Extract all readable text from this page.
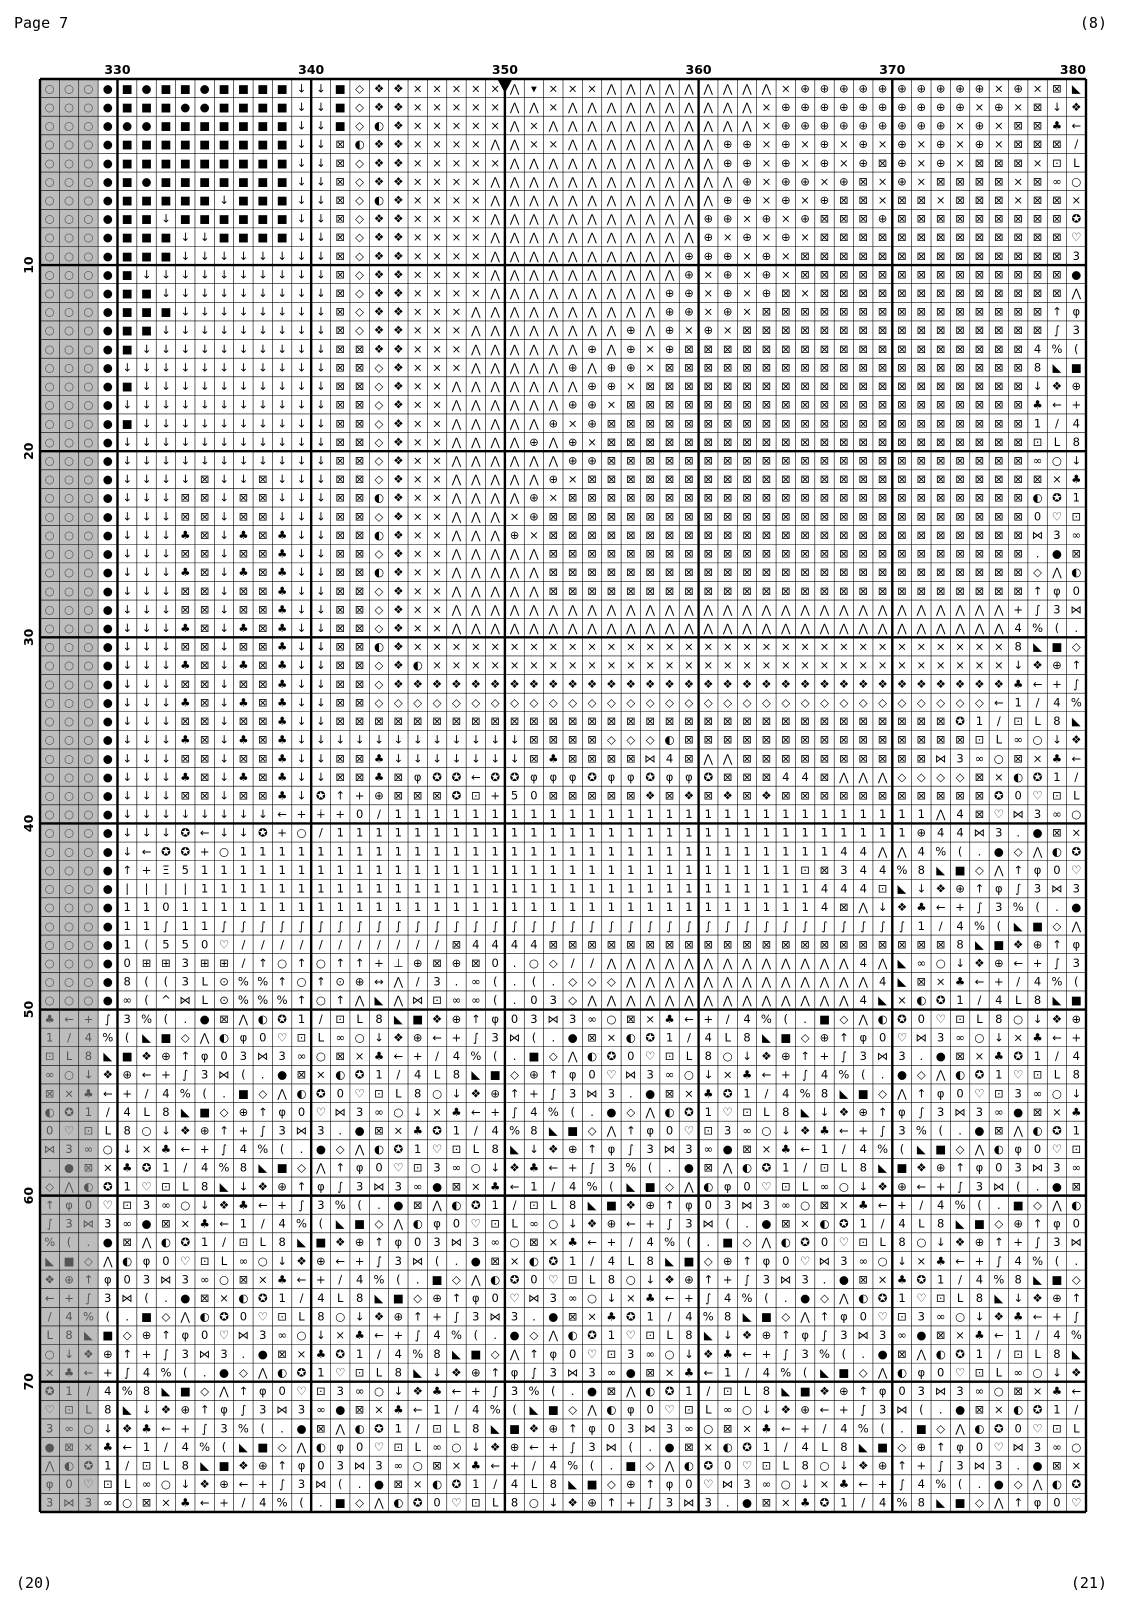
Page 7	(8)
(20)	(21)
○ ○ ○ ● ■ ● ■ ■ ● ■ ■ ■ ■ ↓ ↓ ■ ◇ ❖ ❖ × × × × × ⋀ ▾ × × × ⋀ ⋀ ⋀ ⋀ ⋀ ⋀ ⋀ ⋀ ⋀ × ⊕ ⊕ ⊕ ⊕ ⊕ ⊕ ⊕ ⊕ ⊕ ⊕ × ⊕ × ⊠ ◣
○ ○ ○ ● ■ ■ ■ ● ● ■ ■ ■ ■ ↓ ↓ ■ ◇ ❖ ❖ × × × × × ⋀ ⋀ × ⋀ ⋀ ⋀ ⋀ ⋀ ⋀ ⋀ ⋀ ⋀ ⋀ × ⊕ ⊕ ⊕ ⊕ ⊕ ⊕ ⊕ ⊕ ⊕ ⊕ × ⊕ × ⊠ ↓ ❖
○ ○ ○ ● ● ● ■ ■ ■ ■ ■ ■ ■ ↓ ↓ ■ ◇ ◐ ❖ × × × × × ⋀ × ⋀ ⋀ ⋀ ⋀ ⋀ ⋀ ⋀ ⋀ ⋀ ⋀ ⋀ × ⊕ ⊕ ⊕ ⊕ ⊕ ⊕ ⊕ ⊕ ⊕ × ⊕ × ⊠ ⊠ ♣ ←
○ ○ ○ ● ■ ■ ■ ■ ■ ■ ■ ■ ■ ↓ ↓ ⊠ ◐ ❖ ❖ × × × × ⋀ ⋀ × × ⋀ ⋀ ⋀ ⋀ ⋀ ⋀ ⋀ ⋀ ⊕ ⊕ × ⊕ × ⊕ × ⊕ × ⊕ × ⊕ × ⊕ × ⊠ ⊠ ⊠ /
○ ○ ○ ● ■ ■ ■ ■ ■ ■ ■ ■ ■ ↓ ↓ ⊠ ◇ ❖ ❖ × × × × × ⋀ ⋀ ⋀ ⋀ ⋀ ⋀ ⋀ ⋀ ⋀ ⋀ ⋀ ⊕ ⊕ × ⊕ × ⊕ × ⊕ ⊠ ⊕ × ⊕ × ⊠ ⊠ ⊠ × ⊡ L
○ ○ ○ ● ■ ● ■ ■ ■ ■ ■ ■ ■ ↓ ↓ ⊠ ◇ ❖ ❖ × × × × ⋀ ⋀ ⋀ ⋀ ⋀ ⋀ ⋀ ⋀ ⋀ ⋀ ⋀ ⋀ ⋀ ⊕ × ⊕ ⊕ × ⊕ ⊠ × ⊕ × ⊠ ⊠ ⊠ ⊠ × ⊠ ∞ ○
○ ○ ○ ● ■ ■ ■ ■ ■ ↓ ■ ■ ■ ↓ ↓ ⊠ ◇ ◐ ❖ × × × × ⋀ ⋀ ⋀ ⋀ ⋀ ⋀ ⋀ ⋀ ⋀ ⋀ ⋀ ⋀ ⊕ ⊕ × ⊕ × ⊕ ⊠ ⊠ × ⊠ ⊠ × ⊠ ⊠ ⊠ × ⊠ ⊠ ×
○ ○ ○ ● ■ ■ ↓ ■ ■ ■ ■ ■ ■ ↓ ↓ ⊠ ◇ ❖ ❖ × × × × ⋀ ⋀ ⋀ ⋀ ⋀ ⋀ ⋀ ⋀ ⋀ ⋀ ⋀ ⊕ ⊕ × ⊕ × ⊕ ⊠ ⊠ ⊠ ⊕ ⊠ ⊠ ⊠ ⊠ ⊠ ⊠ ⊠ ⊠ ⊠ ✪
○ ○ ○ ● ■ ■ ■ ↓ ↓ ■ ■ ■ ■ ↓ ↓ ⊠ ◇ ❖ ❖ × × × × ⋀ ⋀ ⋀ ⋀ ⋀ ⋀ ⋀ ⋀ ⋀ ⋀ ⋀ ⊕ × ⊕ × ⊕ × ⊠ ⊠ ⊠ ⊠ ⊠ ⊠ ⊠ ⊠ ⊠ ⊠ ⊠ ⊠ ⊠ ♡
○ ○ ○ ● ■ ■ ■ ↓ ↓ ↓ ↓ ↓ ↓ ↓ ↓ ⊠ ◇ ❖ ❖ × × × × ⋀ ⋀ ⋀ ⋀ ⋀ ⋀ ⋀ ⋀ ⋀ ⋀ ⊕ ⊕ ⊕ × ⊕ × ⊠ ⊠ ⊠ ⊠ ⊠ ⊠ ⊠ ⊠ ⊠ ⊠ ⊠ ⊠ ⊠ ⊠ 3
○ ○ ○ ● ■ ↓ ↓ ↓ ↓ ↓ ↓ ↓ ↓ ↓ ↓ ⊠ ◇ ❖ ❖ × × × × ⋀ ⋀ ⋀ ⋀ ⋀ ⋀ ⋀ ⋀ ⋀ ⋀ ⊕ × ⊕ × ⊕ × ⊠ ⊠ ⊠ ⊠ ⊠ ⊠ ⊠ ⊠ ⊠ ⊠ ⊠ ⊠ ⊠ ⊠ ●
○ ○ ○ ● ■ ■ ↓ ↓ ↓ ↓ ↓ ↓ ↓ ↓ ↓ ⊠ ◇ ❖ ❖ × × × × ⋀ ⋀ ⋀ ⋀ ⋀ ⋀ ⋀ ⋀ ⋀ ⊕ ⊕ × ⊕ × ⊕ ⊠ × ⊠ ⊠ ⊠ ⊠ ⊠ ⊠ ⊠ ⊠ ⊠ ⊠ ⊠ ⊠ ⊠ ⋀
○ ○ ○ ● ■ ■ ■ ↓ ↓ ↓ ↓ ↓ ↓ ↓ ↓ ⊠ ◇ ❖ ❖ × × × ⋀ ⋀ ⋀ ⋀ ⋀ ⋀ ⋀ ⋀ ⋀ ⋀ ⊕ ⊕ × ⊕ × ⊠ ⊠ ⊠ ⊠ ⊠ ⊠ ⊠ ⊠ ⊠ ⊠ ⊠ ⊠ ⊠ ⊠ ⊠ ↑ φ
○ ○ ○ ● ■ ■ ↓ ↓ ↓ ↓ ↓ ↓ ↓ ↓ ↓ ⊠ ◇ ❖ ❖ × × × ⋀ ⋀ ⋀ ⋀ ⋀ ⋀ ⋀ ⋀ ⊕ ⋀ ⊕ × ⊕ × ⊠ ⊠ ⊠ ⊠ ⊠ ⊠ ⊠ ⊠ ⊠ ⊠ ⊠ ⊠ ⊠ ⊠ ⊠ ⊠ ∫ 3
○ ○ ○ ● ■ ↓ ↓ ↓ ↓ ↓ ↓ ↓ ↓ ↓ ↓ ⊠ ⊠ ❖ ❖ × × × ⋀ ⋀ ⋀ ⋀ ⋀ ⋀ ⊕ ⋀ ⊕ × ⊕ ⊠ ⊠ ⊠ ⊠ ⊠ ⊠ ⊠ ⊠ ⊠ ⊠ ⊠ ⊠ ⊠ ⊠ ⊠ ⊠ ⊠ ⊠ 4 % (
○ ○ ○ ● ↓ ↓ ↓ ↓ ↓ ↓ ↓ ↓ ↓ ↓ ↓ ⊠ ⊠ ◇ ❖ × × × ⋀ ⋀ ⋀ ⋀ ⋀ ⊕ ⋀ ⊕ ⊕ × ⊠ ⊠ ⊠ ⊠ ⊠ ⊠ ⊠ ⊠ ⊠ ⊠ ⊠ ⊠ ⊠ ⊠ ⊠ ⊠ ⊠ ⊠ ⊠ 8 ◣ ■
○ ○ ○ ● ■ ↓ ↓ ↓ ↓ ↓ ↓ ↓ ↓ ↓ ↓ ⊠ ⊠ ◇ ❖ × × ⋀ ⋀ ⋀ ⋀ ⋀ ⋀ ⋀ ⊕ ⊕ × ⊠ ⊠ ⊠ ⊠ ⊠ ⊠ ⊠ ⊠ ⊠ ⊠ ⊠ ⊠ ⊠ ⊠ ⊠ ⊠ ⊠ ⊠ ⊠ ⊠ ↓ ❖ ⊕
○ ○ ○ ● ↓ ↓ ↓ ↓ ↓ ↓ ↓ ↓ ↓ ↓ ↓ ⊠ ⊠ ◇ ❖ × × ⋀ ⋀ ⋀ ⋀ ⋀ ⋀ ⊕ ⊕ × ⊠ ⊠ ⊠ ⊠ ⊠ ⊠ ⊠ ⊠ ⊠ ⊠ ⊠ ⊠ ⊠ ⊠ ⊠ ⊠ ⊠ ⊠ ⊠ ⊠ ⊠ ♣ ← +
○ ○ ○ ● ■ ↓ ↓ ↓ ↓ ↓ ↓ ↓ ↓ ↓ ↓ ⊠ ⊠ ◇ ❖ × × ⋀ ⋀ ⋀ ⋀ ⋀ ⊕ × ⊕ ⊠ ⊠ ⊠ ⊠ ⊠ ⊠ ⊠ ⊠ ⊠ ⊠ ⊠ ⊠ ⊠ ⊠ ⊠ ⊠ ⊠ ⊠ ⊠ ⊠ ⊠ ⊠ 1 / 4
○ ○ ○ ● ↓ ↓ ↓ ↓ ↓ ↓ ↓ ↓ ↓ ↓ ↓ ⊠ ⊠ ◇ ❖ × × ⋀ ⋀ ⋀ ⋀ ⊕ ⋀ ⊕ × ⊠ ⊠ ⊠ ⊠ ⊠ ⊠ ⊠ ⊠ ⊠ ⊠ ⊠ ⊠ ⊠ ⊠ ⊠ ⊠ ⊠ ⊠ ⊠ ⊠ ⊠ ⊠ ⊡ L 8
○ ○ ○ ● ↓ ↓ ↓ ↓ ↓ ↓ ↓ ↓ ↓ ↓ ↓ ⊠ ⊠ ◇ ❖ × × ⋀ ⋀ ⋀ ⋀ ⋀ ⋀ ⊕ ⊕ ⊠ ⊠ ⊠ ⊠ ⊠ ⊠ ⊠ ⊠ ⊠ ⊠ ⊠ ⊠ ⊠ ⊠ ⊠ ⊠ ⊠ ⊠ ⊠ ⊠ ⊠ ⊠ ∞ ○ ↓
○ ○ ○ ● ↓ ↓ ↓ ↓ ⊠ ↓ ↓ ⊠ ↓ ↓ ↓ ⊠ ⊠ ◇ ❖ × × ⋀ ⋀ ⋀ ⋀ ⋀ ⊕ × ⊠ ⊠ ⊠ ⊠ ⊠ ⊠ ⊠ ⊠ ⊠ ⊠ ⊠ ⊠ ⊠ ⊠ ⊠ ⊠ ⊠ ⊠ ⊠ ⊠ ⊠ ⊠ ⊠ ⊠ × ♣
○ ○ ○ ● ↓ ↓ ↓ ⊠ ⊠ ↓ ⊠ ⊠ ↓ ↓ ↓ ⊠ ⊠ ◐ ❖ × × ⋀ ⋀ ⋀ ⋀ ⊕ × ⊠ ⊠ ⊠ ⊠ ⊠ ⊠ ⊠ ⊠ ⊠ ⊠ ⊠ ⊠ ⊠ ⊠ ⊠ ⊠ ⊠ ⊠ ⊠ ⊠ ⊠ ⊠ ⊠ ⊠ ◐ ✪ 1
○ ○ ○ ● ↓ ↓ ↓ ⊠ ⊠ ↓ ⊠ ⊠ ↓ ↓ ↓ ⊠ ⊠ ◇ ❖ × × ⋀ ⋀ ⋀ × ⊕ ⊠ ⊠ ⊠ ⊠ ⊠ ⊠ ⊠ ⊠ ⊠ ⊠ ⊠ ⊠ ⊠ ⊠ ⊠ ⊠ ⊠ ⊠ ⊠ ⊠ ⊠ ⊠ ⊠ ⊠ ⊠ 0 ♡ ⊡
○ ○ ○ ● ↓ ↓ ↓ ♣ ⊠ ↓ ♣ ⊠ ♣ ↓ ↓ ⊠ ⊠ ◐ ❖ × × ⋀ ⋀ ⋀ ⊕ × ⊠ ⊠ ⊠ ⊠ ⊠ ⊠ ⊠ ⊠ ⊠ ⊠ ⊠ ⊠ ⊠ ⊠ ⊠ ⊠ ⊠ ⊠ ⊠ ⊠ ⊠ ⊠ ⊠ ⊠ ⊠ ⋈ 3 ∞
○ ○ ○ ● ↓ ↓ ↓ ⊠ ⊠ ↓ ⊠ ⊠ ♣ ↓ ↓ ⊠ ⊠ ◇ ❖ × × ⋀ ⋀ ⋀ ⋀ ⋀ ⊠ ⊠ ⊠ ⊠ ⊠ ⊠ ⊠ ⊠ ⊠ ⊠ ⊠ ⊠ ⊠ ⊠ ⊠ ⊠ ⊠ ⊠ ⊠ ⊠ ⊠ ⊠ ⊠ ⊠ ⊠ . ● ⊠
○ ○ ○ ● ↓ ↓ ↓ ♣ ⊠ ↓ ♣ ⊠ ♣ ↓ ↓ ⊠ ⊠ ◐ ❖ × × ⋀ ⋀ ⋀ ⋀ ⋀ ⊠ ⊠ ⊠ ⊠ ⊠ ⊠ ⊠ ⊠ ⊠ ⊠ ⊠ ⊠ ⊠ ⊠ ⊠ ⊠ ⊠ ⊠ ⊠ ⊠ ⊠ ⊠ ⊠ ⊠ ⊠ ◇ ⋀ ◐
○ ○ ○ ● ↓ ↓ ↓ ⊠ ⊠ ↓ ⊠ ⊠ ♣ ↓ ↓ ⊠ ⊠ ◇ ❖ × × ⋀ ⋀ ⋀ ⋀ ⋀ ⊠ ⊠ ⊠ ⊠ ⊠ ⊠ ⊠ ⊠ ⊠ ⊠ ⊠ ⊠ ⊠ ⊠ ⊠ ⊠ ⊠ ⊠ ⊠ ⊠ ⊠ ⊠ ⊠ ⊠ ⊠ ↑ φ 0
○ ○ ○ ● ↓ ↓ ↓ ⊠ ⊠ ↓ ⊠ ⊠ ♣ ↓ ↓ ⊠ ⊠ ◇ ❖ × × ⋀ ⋀ ⋀ ⋀ ⋀ ⋀ ⋀ ⋀ ⋀ ⋀ ⋀ ⋀ ⋀ ⋀ ⋀ ⋀ ⋀ ⋀ ⋀ ⋀ ⋀ ⋀ ⋀ ⋀ ⋀ ⋀ ⋀ ⋀ ⋀ + ∫ 3 ⋈
○ ○ ○ ● ↓ ↓ ↓ ♣ ⊠ ↓ ♣ ⊠ ♣ ↓ ↓ ⊠ ⊠ ◇ ❖ × × ⋀ ⋀ ⋀ ⋀ ⋀ ⋀ ⋀ ⋀ ⋀ ⋀ ⋀ ⋀ ⋀ ⋀ ⋀ ⋀ ⋀ ⋀ ⋀ ⋀ ⋀ ⋀ ⋀ ⋀ ⋀ ⋀ ⋀ ⋀ ⋀ 4 % ( .
○ ○ ○ ● ↓ ↓ ↓ ⊠ ⊠ ↓ ⊠ ⊠ ♣ ↓ ↓ ⊠ ⊠ ◐ ❖ × × × × × × × × × × × × × × × × × × × × × × × × × × × × × × × 8 ◣ ■ ◇
○ ○ ○ ● ↓ ↓ ↓ ♣ ⊠ ↓ ♣ ⊠ ♣ ↓ ↓ ⊠ ⊠ ◇ ❖ ◐ × × × × × × × × × × × × × × × × × × × × × × × × × × × × × × ↓ ❖ ⊕ ↑
○ ○ ○ ● ↓ ↓ ↓ ⊠ ⊠ ↓ ⊠ ⊠ ♣ ↓ ↓ ⊠ ⊠ ◇ ❖ ❖ ❖ ❖ ❖ ❖ ❖ ❖ ❖ ❖ ❖ ❖ ❖ ❖ ❖ ❖ ❖ ❖ ❖ ❖ ❖ ❖ ❖ ❖ ❖ ❖ ❖ ❖ ❖ ❖ ❖ ❖ ♣ ← + ∫
○ ○ ○ ● ↓ ↓ ↓ ♣ ⊠ ↓ ♣ ⊠ ♣ ↓ ↓ ⊠ ⊠ ◇ ◇ ◇ ◇ ◇ ◇ ◇ ◇ ◇ ◇ ◇ ◇ ◇ ◇ ◇ ◇ ◇ ◇ ◇ ◇ ◇ ◇ ◇ ◇ ◇ ◇ ◇ ◇ ◇ ◇ ◇ ◇ ← 1 / 4 %
○ ○ ○ ● ↓ ↓ ↓ ⊠ ⊠ ↓ ⊠ ⊠ ♣ ↓ ↓ ⊠ ⊠ ⊠ ⊠ ⊠ ⊠ ⊠ ⊠ ⊠ ⊠ ⊠ ⊠ ⊠ ⊠ ⊠ ⊠ ⊠ ⊠ ⊠ ⊠ ⊠ ⊠ ⊠ ⊠ ⊠ ⊠ ⊠ ⊠ ⊠ ⊠ ⊠ ⊠ ✪ 1 / ⊡ L 8 ◣
○ ○ ○ ● ↓ ↓ ↓ ♣ ⊠ ↓ ♣ ⊠ ♣ ↓ ↓ ↓ ↓ ↓ ↓ ↓ ↓ ↓ ↓ ↓ ↓ ⊠ ⊠ ⊠ ⊠ ◇ ◇ ◇ ◐ ⊠ ⊠ ⊠ ⊠ ⊠ ⊠ ⊠ ⊠ ⊠ ⊠ ⊠ ⊠ ⊠ ⊠ ⊠ ⊡ L ∞ ○ ↓ ❖
○ ○ ○ ● ↓ ↓ ↓ ⊠ ⊠ ↓ ⊠ ⊠ ♣ ↓ ↓ ⊠ ⊠ ♣ ↓ ↓ ↓ ↓ ↓ ↓ ↓ ⊠ ♣ ⊠ ⊠ ⊠ ⊠ ⋈ 4 ⊠ ⋀ ⋀ ⊠ ⊠ ⊠ ⊠ ⊠ ⊠ ⊠ ⊠ ⊠ ⊠ ⋈ 3 ∞ ○ ⊠ × ♣ ←
○ ○ ○ ● ↓ ↓ ↓ ♣ ⊠ ↓ ♣ ⊠ ♣ ↓ ↓ ⊠ ⊠ ♣ ⊠ φ ✪ ✪ ← ✪ ✪ φ φ φ ✪ φ φ ✪ φ φ ✪ ⊠ ⊠ ⊠ 4 4 ⊠ ⋀ ⋀ ⋀ ◇ ◇ ◇ ◇ ⊠ × ◐ ✪ 1 /
○ ○ ○ ● ↓ ↓ ↓ ⊠ ⊠ ↓ ⊠ ⊠ ♣ ↓ ✪ ↑ + ⊕ ⊠ ⊠ ⊠ ✪ ⊡ + 5 0 ⊠ ⊠ ⊠ ⊠ ⊠ ❖ ⊠ ❖ ⊠ ❖ ⊠ ❖ ⊠ ⊠ ⊠ ⊠ ⊠ ⊠ ⊠ ⊠ ⊠ ⊠ ⊠ ✪ 0 ♡ ⊡ L
○ ○ ○ ● ↓ ↓ ↓ ↓ ↓ ↓ ↓ ↓ ← + ∔ + 0 / 1 1 1 1 1 1 1 1 1 1 1 1 1 1 1 1 1 1 1 1 1 1 1 1 1 1 1 1 ⋀ 4 ⊠ ♡ ⋈ 3 ∞ ○
○ ○ ○ ● ↓ ↓ ↓ ✪ ← ↓ ↓ ✪ + ○ / 1 1 1 1 1 1 1 1 1 1 1 1 1 1 1 1 1 1 1 1 1 1 1 1 1 1 1 1 1 1 ⊕ 4 4 ⋈ 3 . ● ⊠ ×
○ ○ ○ ● ↓ ← ✪ ✪ + ○ 1 1 1 1 1 1 1 1 1 1 1 1 1 1 1 1 1 1 1 1 1 1 1 1 1 1 1 1 1 1 1 4 4 ⋀ ⋀ 4 % ( . ● ◇ ⋀ ◐ ✪
○ ○ ○ ● ↑ + Ξ 5 1 1 1 1 1 1 1 1 1 1 1 1 1 1 1 1 1 1 1 1 1 1 1 1 1 1 1 1 1 1 1 ⊡ ⊠ 3 4 4 % 8 ◣ ■ ◇ ⋀ ↑ φ 0 ♡
○ ○ ○ ● | | | | 1 1 1 1 1 1 1 1 1 1 1 1 1 1 1 1 1 1 1 1 1 1 1 1 1 1 1 1 1 1 1 1 4 4 4 ⊡ ◣ ↓ ❖ ⊕ ↑ φ ∫ 3 ⋈ 3
○ ○ ○ ● 1 1 0 1 1 1 1 1 1 1 1 1 1 1 1 1 1 1 1 1 1 1 1 1 1 1 1 1 1 1 1 1 1 1 1 1 4 ⊠ ⋀ ↓ ❖ ♣ ← + ∫ 3 % ( . ●
○ ○ ○ ● 1 1 ∫ 1 1 ∫ ∫ ∫ ∫ ∫ ∫ ∫ ∫ ∫ ∫ ∫ ∫ ∫ ∫ ∫ ∫ ∫ ∫ ∫ ∫ ∫ ∫ ∫ ∫ ∫ ∫ ∫ ∫ ∫ ∫ ∫ ∫ ∫ ∫ ∫ ∫ 1 / 4 % ( ◣ ■ ◇ ⋀
○ ○ ○ ● 1 ( 5 5 0 ♡ / / / / / / / / / / / ⊠ 4 4 4 4 ⊠ ⊠ ⊠ ⊠ ⊠ ⊠ ⊠ ⊠ ⊠ ⊠ ⊠ ⊠ ⊠ ⊠ ⊠ ⊠ ⊠ ⊠ ⊠ ⊠ ⊠ 8 ◣ ■ ❖ ⊕ ↑ φ
○ ○ ○ ● 0 ⊞ ⊞ 3 ⊞ ⊞ / ↑ ○ ↑ ○ ↑ ↑ + ⊥ ⊕ ⊠ ⊕ ⊠ 0 . ○ ◇ / / ⋀ ⋀ ⋀ ⋀ ⋀ ⋀ ⋀ ⋀ ⋀ ⋀ ⋀ ⋀ ⋀ 4 ⋀ ◣ ∞ ○ ↓ ❖ ⊕ ← + ∫ 3
○ ○ ○ ● 8 ( ( 3 L ⊙ % % ↑ ○ ↑ ⊙ ⊕ ↔ ⋀ / 3 . ∞ ( . ( . ◇ ◇ ◇ ⋀ ⋀ ⋀ ⋀ ⋀ ⋀ ⋀ ⋀ ⋀ ⋀ ⋀ ⋀ ⋀ 4 ◣ ⊠ × ♣ ← + / 4 % (
○ ○ ○ ● ∞ ( ^ ⋈ L ⊙ % % % ↑ ○ ↑ ⋀ ◣ ⋀ ⋈ ⊡ ∞ ∞ ( . 0 3 ◇ ⋀ ⋀ ⋀ ⋀ ⋀ ⋀ ⋀ ⋀ ⋀ ⋀ ⋀ ⋀ ⋀ ⋀ 4 ◣ × ◐ ✪ 1 / 4 L 8 ◣ ■
♣ ← + ∫ 3 % ( . ● ⊠ ⋀ ◐ ✪ 1 / ⊡ L 8 ◣ ■ ❖ ⊕ ↑ φ 0 3 ⋈ 3 ∞ ○ ⊠ × ♣ ← + / 4 % ( . ■ ◇ ⋀ ◐ ✪ 0 ♡ ⊡ L 8 ○ ↓ ❖ ⊕
1 / 4 % ( ◣ ■ ◇ ⋀ ◐ φ 0 ♡ ⊡ L ∞ ○ ↓ ❖ ⊕ ← + ∫ 3 ⋈ ( . ● ⊠ × ◐ ✪ 1 / 4 L 8 ◣ ■ ◇ ⊕ ↑ φ 0 ♡ ⋈ 3 ∞ ○ ↓ × ♣ ← +
⊡ L 8 ◣ ■ ❖ ⊕ ↑ φ 0 3 ⋈ 3 ∞ ○ ⊠ × ♣ ← + / 4 % ( . ■ ◇ ⋀ ◐ ✪ 0 ♡ ⊡ L 8 ○ ↓ ❖ ⊕ ↑ + ∫ 3 ⋈ 3 . ● ⊠ × ♣ ✪ 1 / 4
∞ ○ ↓ ❖ ⊕ ← + ∫ 3 ⋈ ( . ● ⊠ × ◐ ✪ 1 / 4 L 8 ◣ ■ ◇ ⊕ ↑ φ 0 ♡ ⋈ 3 ∞ ○ ↓ × ♣ ← + ∫ 4 % ( . ● ◇ ⋀ ◐ ✪ 1 ♡ ⊡ L 8
⊠ × ♣ ← + / 4 % ( . ■ ◇ ⋀ ◐ ✪ 0 ♡ ⊡ L 8 ○ ↓ ❖ ⊕ ↑ + ∫ 3 ⋈ 3 . ● ⊠ × ♣ ✪ 1 / 4 % 8 ◣ ■ ◇ ⋀ ↑ φ 0 ♡ ⊡ 3 ∞ ○ ↓
◐ ✪ 1 / 4 L 8 ◣ ■ ◇ ⊕ ↑ φ 0 ♡ ⋈ 3 ∞ ○ ↓ × ♣ ← + ∫ 4 % ( . ● ◇ ⋀ ◐ ✪ 1 ♡ ⊡ L 8 ◣ ↓ ❖ ⊕ ↑ φ ∫ 3 ⋈ 3 ∞ ● ⊠ × ♣
0 ♡ ⊡ L 8 ○ ↓ ❖ ⊕ ↑ + ∫ 3 ⋈ 3 . ● ⊠ × ♣ ✪ 1 / 4 % 8 ◣ ■ ◇ ⋀ ↑ φ 0 ♡ ⊡ 3 ∞ ○ ↓ ❖ ♣ ← + ∫ 3 % ( . ● ⊠ ⋀ ◐ ✪ 1
⋈ 3 ∞ ○ ↓ × ♣ ← + ∫ 4 % ( . ● ◇ ⋀ ◐ ✪ 1 ♡ ⊡ L 8 ◣ ↓ ❖ ⊕ ↑ φ ∫ 3 ⋈ 3 ∞ ● ⊠ × ♣ ← 1 / 4 % ( ◣ ■ ◇ ⋀ ◐ φ 0 ♡ ⊡
. ● ⊠ × ♣ ✪ 1 / 4 % 8 ◣ ■ ◇ ⋀ ↑ φ 0 ♡ ⊡ 3 ∞ ○ ↓ ❖ ♣ ← + ∫ 3 % ( . ● ⊠ ⋀ ◐ ✪ 1 / ⊡ L 8 ◣ ■ ❖ ⊕ ↑ φ 0 3 ⋈ 3 ∞
◇ ⋀ ◐ ✪ 1 ♡ ⊡ L 8 ◣ ↓ ❖ ⊕ ↑ φ ∫ 3 ⋈ 3 ∞ ● ⊠ × ♣ ← 1 / 4 % ( ◣ ■ ◇ ⋀ ◐ φ 0 ♡ ⊡ L ∞ ○ ↓ ❖ ⊕ ← + ∫ 3 ⋈ ( . ● ⊠
↑ φ 0 ♡ ⊡ 3 ∞ ○ ↓ ❖ ♣ ← + ∫ 3 % ( . ● ⊠ ⋀ ◐ ✪ 1 / ⊡ L 8 ◣ ■ ❖ ⊕ ↑ φ 0 3 ⋈ 3 ∞ ○ ⊠ × ♣ ← + / 4 % ( . ■ ◇ ⋀ ◐
∫ 3 ⋈ 3 ∞ ● ⊠ × ♣ ← 1 / 4 % ( ◣ ■ ◇ ⋀ ◐ φ 0 ♡ ⊡ L ∞ ○ ↓ ❖ ⊕ ← + ∫ 3 ⋈ ( . ● ⊠ × ◐ ✪ 1 / 4 L 8 ◣ ■ ◇ ⊕ ↑ φ 0
% ( . ● ⊠ ⋀ ◐ ✪ 1 / ⊡ L 8 ◣ ■ ❖ ⊕ ↑ φ 0 3 ⋈ 3 ∞ ○ ⊠ × ♣ ← + / 4 % ( . ■ ◇ ⋀ ◐ ✪ 0 ♡ ⊡ L 8 ○ ↓ ❖ ⊕ ↑ + ∫ 3 ⋈
◣ ■ ◇ ⋀ ◐ φ 0 ♡ ⊡ L ∞ ○ ↓ ❖ ⊕ ← + ∫ 3 ⋈ ( . ● ⊠ × ◐ ✪ 1 / 4 L 8 ◣ ■ ◇ ⊕ ↑ φ 0 ♡ ⋈ 3 ∞ ○ ↓ × ♣ ← + ∫ 4 % ( .
❖ ⊕ ↑ φ 0 3 ⋈ 3 ∞ ○ ⊠ × ♣ ← + / 4 % ( . ■ ◇ ⋀ ◐ ✪ 0 ♡ ⊡ L 8 ○ ↓ ❖ ⊕ ↑ + ∫ 3 ⋈ 3 . ● ⊠ × ♣ ✪ 1 / 4 % 8 ◣ ■ ◇
← + ∫ 3 ⋈ ( . ● ⊠ × ◐ ✪ 1 / 4 L 8 ◣ ■ ◇ ⊕ ↑ φ 0 ♡ ⋈ 3 ∞ ○ ↓ × ♣ ← + ∫ 4 % ( . ● ◇ ⋀ ◐ ✪ 1 ♡ ⊡ L 8 ◣ ↓ ❖ ⊕ ↑
/ 4 % ( . ■ ◇ ⋀ ◐ ✪ 0 ♡ ⊡ L 8 ○ ↓ ❖ ⊕ ↑ + ∫ 3 ⋈ 3 . ● ⊠ × ♣ ✪ 1 / 4 % 8 ◣ ■ ◇ ⋀ ↑ φ 0 ♡ ⊡ 3 ∞ ○ ↓ ❖ ♣ ← + ∫
L 8 ◣ ■ ◇ ⊕ ↑ φ 0 ♡ ⋈ 3 ∞ ○ ↓ × ♣ ← + ∫ 4 % ( . ● ◇ ⋀ ◐ ✪ 1 ♡ ⊡ L 8 ◣ ↓ ❖ ⊕ ↑ φ ∫ 3 ⋈ 3 ∞ ● ⊠ × ♣ ← 1 / 4 %
○ ↓ ❖ ⊕ ↑ + ∫ 3 ⋈ 3 . ● ⊠ × ♣ ✪ 1 / 4 % 8 ◣ ■ ◇ ⋀ ↑ φ 0 ♡ ⊡ 3 ∞ ○ ↓ ❖ ♣ ← + ∫ 3 % ( . ● ⊠ ⋀ ◐ ✪ 1 / ⊡ L 8 ◣
× ♣ ← + ∫ 4 % ( . ● ◇ ⋀ ◐ ✪ 1 ♡ ⊡ L 8 ◣ ↓ ❖ ⊕ ↑ φ ∫ 3 ⋈ 3 ∞ ● ⊠ × ♣ ← 1 / 4 % ( ◣ ■ ◇ ⋀ ◐ φ 0 ♡ ⊡ L ∞ ○ ↓ ❖
✪ 1 / 4 % 8 ◣ ■ ◇ ⋀ ↑ φ 0 ♡ ⊡ 3 ∞ ○ ↓ ❖ ♣ ← + ∫ 3 % ( . ● ⊠ ⋀ ◐ ✪ 1 / ⊡ L 8 ◣ ■ ❖ ⊕ ↑ φ 0 3 ⋈ 3 ∞ ○ ⊠ × ♣ ←
♡ ⊡ L 8 ◣ ↓ ❖ ⊕ ↑ φ ∫ 3 ⋈ 3 ∞ ● ⊠ × ♣ ← 1 / 4 % ( ◣ ■ ◇ ⋀ ◐ φ 0 ♡ ⊡ L ∞ ○ ↓ ❖ ⊕ ← + ∫ 3 ⋈ ( . ● ⊠ × ◐ ✪ 1 /
3 ∞ ○ ↓ ❖ ♣ ← + ∫ 3 % ( . ● ⊠ ⋀ ◐ ✪ 1 / ⊡ L 8 ◣ ■ ❖ ⊕ ↑ φ 0 3 ⋈ 3 ∞ ○ ⊠ × ♣ ← + / 4 % ( . ■ ◇ ⋀ ◐ ✪ 0 ♡ ⊡ L
● ⊠ × ♣ ← 1 / 4 % ( ◣ ■ ◇ ⋀ ◐ φ 0 ♡ ⊡ L ∞ ○ ↓ ❖ ⊕ ← + ∫ 3 ⋈ ( . ● ⊠ × ◐ ✪ 1 / 4 L 8 ◣ ■ ◇ ⊕ ↑ φ 0 ♡ ⋈ 3 ∞ ○
⋀ ◐ ✪ 1 / ⊡ L 8 ◣ ■ ❖ ⊕ ↑ φ 0 3 ⋈ 3 ∞ ○ ⊠ × ♣ ← + / 4 % ( . ■ ◇ ⋀ ◐ ✪ 0 ♡ ⊡ L 8 ○ ↓ ❖ ⊕ ↑ + ∫ 3 ⋈ 3 . ● ⊠ ×
φ 0 ♡ ⊡ L ∞ ○ ↓ ❖ ⊕ ← + ∫ 3 ⋈ ( . ● ⊠ × ◐ ✪ 1 / 4 L 8 ◣ ■ ◇ ⊕ ↑ φ 0 ♡ ⋈ 3 ∞ ○ ↓ × ♣ ← + ∫ 4 % ( . ● ◇ ⋀ ◐ ✪
3 ⋈ 3 ∞ ○ ⊠ × ♣ ← + / 4 % ( . ■ ◇ ⋀ ◐ ✪ 0 ♡ ⊡ L 8 ○ ↓ ❖ ⊕ ↑ + ∫ 3 ⋈ 3 . ● ⊠ × ♣ ✪ 1 / 4 % 8 ◣ ■ ◇ ⋀ ↑ φ 0 ♡
330	340	350	360	370	380
10
20
30
40
50
60
70
